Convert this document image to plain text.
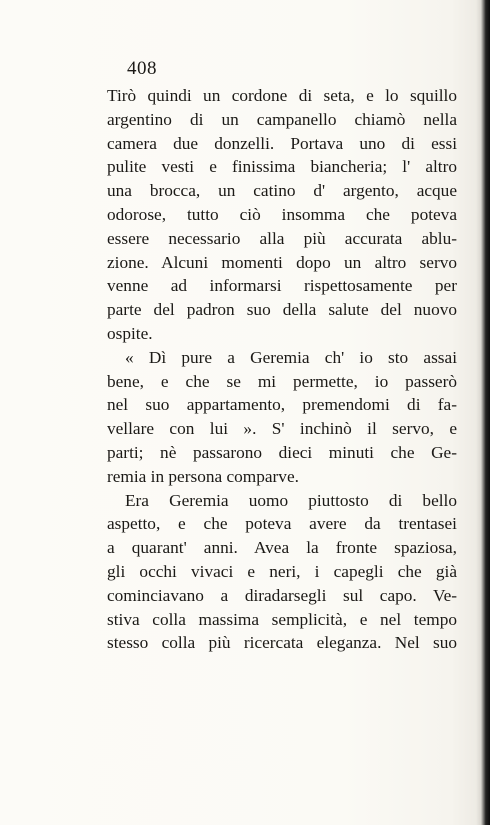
408
Tirò quindi un cordone di seta, e lo squillo
argentino di un campanello chiamò nella
camera due donzelli. Portava uno di essi
pulite vesti e finissima biancheria; l' altro
una brocca, un catino d' argento, acque
odorose, tutto ciò insomma che poteva
essere necessario alla più accurata ablu-
zione. Alcuni momenti dopo un altro servo
venne ad informarsi rispettosamente per
parte del padron suo della salute del nuovo
ospite.
« Dì pure a Geremia ch' io sto assai
bene, e che se mi permette, io passerò
nel suo appartamento, premendomi di fa-
vellare con lui ». S' inchinò il servo, e
parti; nè passarono dieci minuti che Ge-
remia in persona comparve.
Era Geremia uomo piuttosto di bello
aspetto, e che poteva avere da trentasei
a quarant' anni. Avea la fronte spaziosa,
gli occhi vivaci e neri, i capegli che già
cominciavano a diradarsegli sul capo. Ve-
stiva colla massima semplicità, e nel tempo
stesso colla più ricercata eleganza. Nel suo
